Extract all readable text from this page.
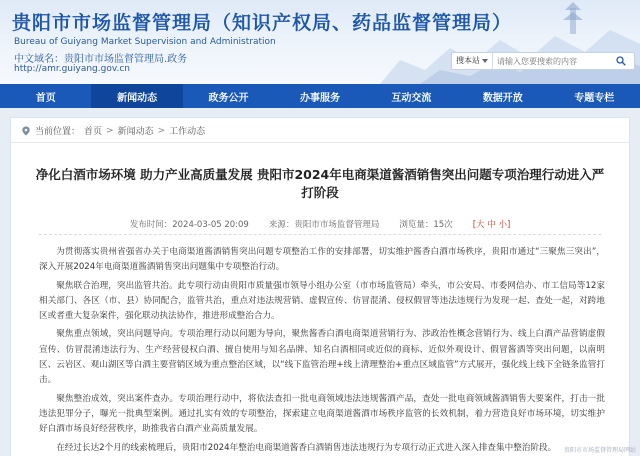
贵阳市市场监督管理局（知识产权局、药品监督管理局）
Bureau of Guiyang Market Supervision and Administration
中文域名：贵阳市市场监督管理局.政务
http://amr.guiyang.gov.cn
搜本站
请输入您要搜索的内容
首页	新闻动态	政务公开	办事服务	互动交流	数据开放	专题专栏
当前位置： 首页 > 新闻动态 > 工作动态
净化白酒市场环境 助力产业高质量发展 贵阳市2024年电商渠道酱酒销售突出问题专项治理行动进入严打阶段
发布时间：2024-03-05 20:09 来源：贵阳市市场监督管理局 浏览量：15次 [大 中 小]

为贯彻落实贵州省强省办关于电商渠道酱酒销售突出问题专项整治工作的安排部署，切实维护酱香白酒市场秩序，贵阳市通过“三聚焦三突出”，深入开展2024年电商渠道酱酒销售突出问题集中专项整治行动。

聚焦联合治理，突出监管共治。此专项行动由贵阳市质量强市领导小组办公室（市市场监管局）牵头，市公安局、市委网信办、市工信局等12家相关部门、各区（市、县）协同配合，监管共治，重点对违法规营销、虚假宣传、仿冒混淆、侵权假冒等违法违规行为发现一起、查处一起，对跨地区或者重大复杂案件，强化联动执法协作，推进形成整治合力。

聚焦重点领域，突出问题导向。专项治理行动以问题为导向，聚焦酱香白酒电商渠道营销行为、涉政治性概念营销行为、线上白酒产品营销虚假宣传、仿冒混淆违法行为、生产经营侵权白酒、擅自使用与知名品牌、知名白酒相同或近似的商标、近似外观设计、假冒酱酒等突出问题，以南明区、云岩区、观山湖区等白酒主要营销区域为重点整治区域，以“线下监管治理+线上清理整治+重点区域监管”方式展开，强化线上线下全链条监管打击。

聚焦整治成效，突出案件查办。专项治理行动中，将依法查扣一批电商领域违法违规酱酒产品，查处一批电商领域酱酒销售大要案件，打击一批违法犯罪分子，曝光一批典型案例。通过扎实有效的专项整治，探索建立电商渠道酱酒市场秩序监管的长效机制，着力营造良好市场环境，切实维护好白酒市场良好经营秩序，助推我省白酒产业高质量发展。

在经过长达2个月的线索梳理后，贵阳市2024年整治电商渠道酱香白酒销售违法违规行为专项行动正式进入深入排查集中整治阶段。	贵阳市市场监督管理局网站
